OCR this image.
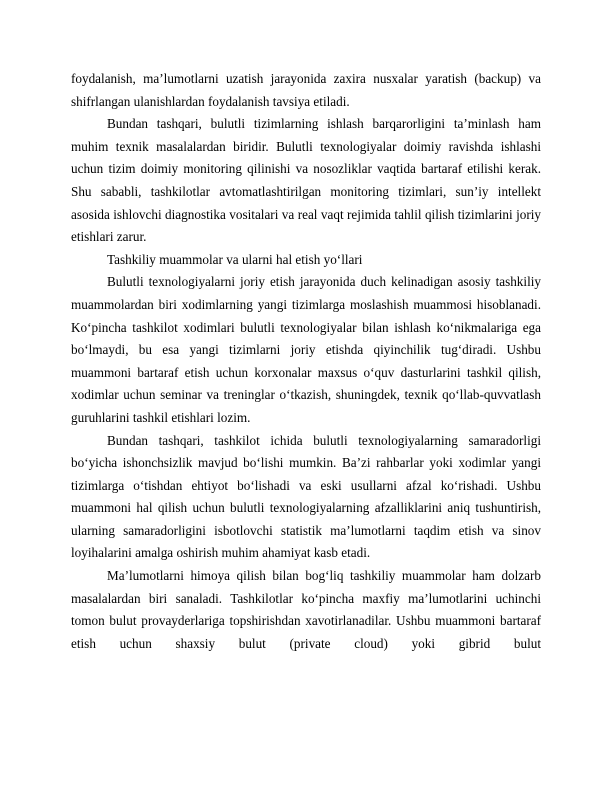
foydalanish, ma’lumotlarni uzatish jarayonida zaxira nusxalar yaratish (backup) va shifrlangan ulanishlardan foydalanish tavsiya etiladi.

Bundan tashqari, bulutli tizimlarning ishlash barqarorligini ta’minlash ham muhim texnik masalalardan biridir. Bulutli texnologiyalar doimiy ravishda ishlashi uchun tizim doimiy monitoring qilinishi va nosozliklar vaqtida bartaraf etilishi kerak. Shu sababli, tashkilotlar avtomatlashtirilgan monitoring tizimlari, sun’iy intellekt asosida ishlovchi diagnostika vositalari va real vaqt rejimida tahlil qilish tizimlarini joriy etishlari zarur.

Tashkiliy muammolar va ularni hal etish yo‘llari

Bulutli texnologiyalarni joriy etish jarayonida duch kelinadigan asosiy tashkiliy muammolardan biri xodimlarning yangi tizimlarga moslashish muammosi hisoblanadi. Ko‘pincha tashkilot xodimlari bulutli texnologiyalar bilan ishlash ko‘nikmalariga ega bo‘lmaydi, bu esa yangi tizimlarni joriy etishda qiyinchilik tug‘diradi. Ushbu muammoni bartaraf etish uchun korxonalar maxsus o‘quv dasturlarini tashkil qilish, xodimlar uchun seminar va treninglar o‘tkazish, shuningdek, texnik qo‘llab-quvvatlash guruhlarini tashkil etishlari lozim.

Bundan tashqari, tashkilot ichida bulutli texnologiyalarning samaradorligi bo‘yicha ishonchsizlik mavjud bo‘lishi mumkin. Ba’zi rahbarlar yoki xodimlar yangi tizimlarga o‘tishdan ehtiyot bo‘lishadi va eski usullarni afzal ko‘rishadi. Ushbu muammoni hal qilish uchun bulutli texnologiyalarning afzalliklarini aniq tushuntirish, ularning samaradorligini isbotlovchi statistik ma’lumotlarni taqdim etish va sinov loyihalarini amalga oshirish muhim ahamiyat kasb etadi.

Ma’lumotlarni himoya qilish bilan bog‘liq tashkiliy muammolar ham dolzarb masalalardan biri sanaladi. Tashkilotlar ko‘pincha maxfiy ma’lumotlarini uchinchi tomon bulut provayderlariga topshirishdan xavotirlanadilar. Ushbu muammoni bartaraf etish uchun shaxsiy bulut (private cloud) yoki gibrid bulut
